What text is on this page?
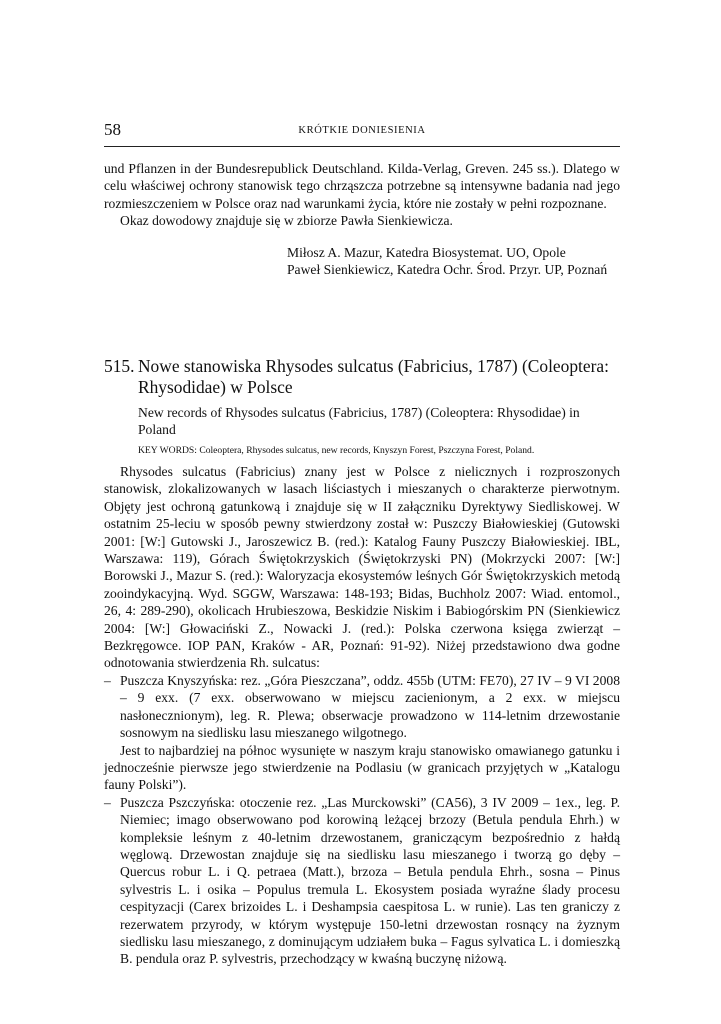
58	KRÓTKIE DONIESIENIA

und Pflanzen in der Bundesrepublick Deutschland. Kilda-Verlag, Greven. 245 ss.). Dlatego w celu właściwej ochrony stanowisk tego chrząszcza potrzebne są intensywne badania nad jego rozmieszczeniem w Polsce oraz nad warunkami życia, które nie zostały w pełni rozpoznane.

Okaz dowodowy znajduje się w zbiorze Pawła Sienkiewicza.

Miłosz A. Mazur, Katedra Biosystemat. UO, Opole
Paweł Sienkiewicz, Katedra Ochr. Środ. Przyr. UP, Poznań
515. Nowe stanowiska Rhysodes sulcatus (Fabricius, 1787) (Coleoptera: Rhysodidae) w Polsce
New records of Rhysodes sulcatus (Fabricius, 1787) (Coleoptera: Rhysodidae) in Poland
KEY WORDS: Coleoptera, Rhysodes sulcatus, new records, Knyszyn Forest, Pszczyna Forest, Poland.

Rhysodes sulcatus (Fabricius) znany jest w Polsce z nielicznych i rozproszonych stanowisk, zlokalizowanych w lasach liściastych i mieszanych o charakterze pierwotnym. Objęty jest ochroną gatunkową i znajduje się w II załączniku Dyrektywy Siedliskowej. W ostatnim 25-leciu w sposób pewny stwierdzony został w: Puszczy Białowieskiej (Gutowski 2001: [W:] Gutowski J., Jaroszewicz B. (red.): Katalog Fauny Puszczy Białowieskiej. IBL, Warszawa: 119), Górach Świętokrzyskich (Świętokrzyski PN) (Mokrzycki 2007: [W:] Borowski J., Mazur S. (red.): Waloryzacja ekosystemów leśnych Gór Świętokrzyskich metodą zooindykacyjną. Wyd. SGGW, Warszawa: 148-193; Bidas, Buchholz 2007: Wiad. entomol., 26, 4: 289-290), okolicach Hrubieszowa, Beskidzie Niskim i Babiogórskim PN (Sienkiewicz 2004: [W:] Głowaciński Z., Nowacki J. (red.): Polska czerwona księga zwierząt – Bezkręgowce. IOP PAN, Kraków - AR, Poznań: 91-92). Niżej przedstawiono dwa godne odnotowania stwierdzenia Rh. sulcatus:

– Puszcza Knyszyńska: rez. „Góra Pieszczana”, oddz. 455b (UTM: FE70), 27 IV – 9 VI 2008 – 9 exx. (7 exx. obserwowano w miejscu zacienionym, a 2 exx. w miejscu nasłonecznionym), leg. R. Plewa; obserwacje prowadzono w 114-letnim drzewostanie sosnowym na siedlisku lasu mieszanego wilgotnego.

Jest to najbardziej na północ wysunięte w naszym kraju stanowisko omawianego gatunku i jednocześnie pierwsze jego stwierdzenie na Podlasiu (w granicach przyjętych w „Katalogu fauny Polski”).

– Puszcza Pszczyńska: otoczenie rez. „Las Murckowski” (CA56), 3 IV 2009 – 1ex., leg. P. Niemiec; imago obserwowano pod korowiną leżącej brzozy (Betula pendula Ehrh.) w kompleksie leśnym z 40-letnim drzewostanem, graniczącym bezpośrednio z hałdą węglową. Drzewostan znajduje się na siedlisku lasu mieszanego i tworzą go dęby – Quercus robur L. i Q. petraea (Matt.), brzoza – Betula pendula Ehrh., sosna – Pinus sylvestris L. i osika – Populus tremula L. Ekosystem posiada wyraźne ślady procesu cespityzacji (Carex brizoides L. i Deshampsia caespitosa L. w runie). Las ten graniczy z rezerwatem przyrody, w którym występuje 150-letni drzewostan rosnący na żyznym siedlisku lasu mieszanego, z dominującym udziałem buka – Fagus sylvatica L. i domieszką B. pendula oraz P. sylvestris, przechodzący w kwaśną buczynę niżową.
